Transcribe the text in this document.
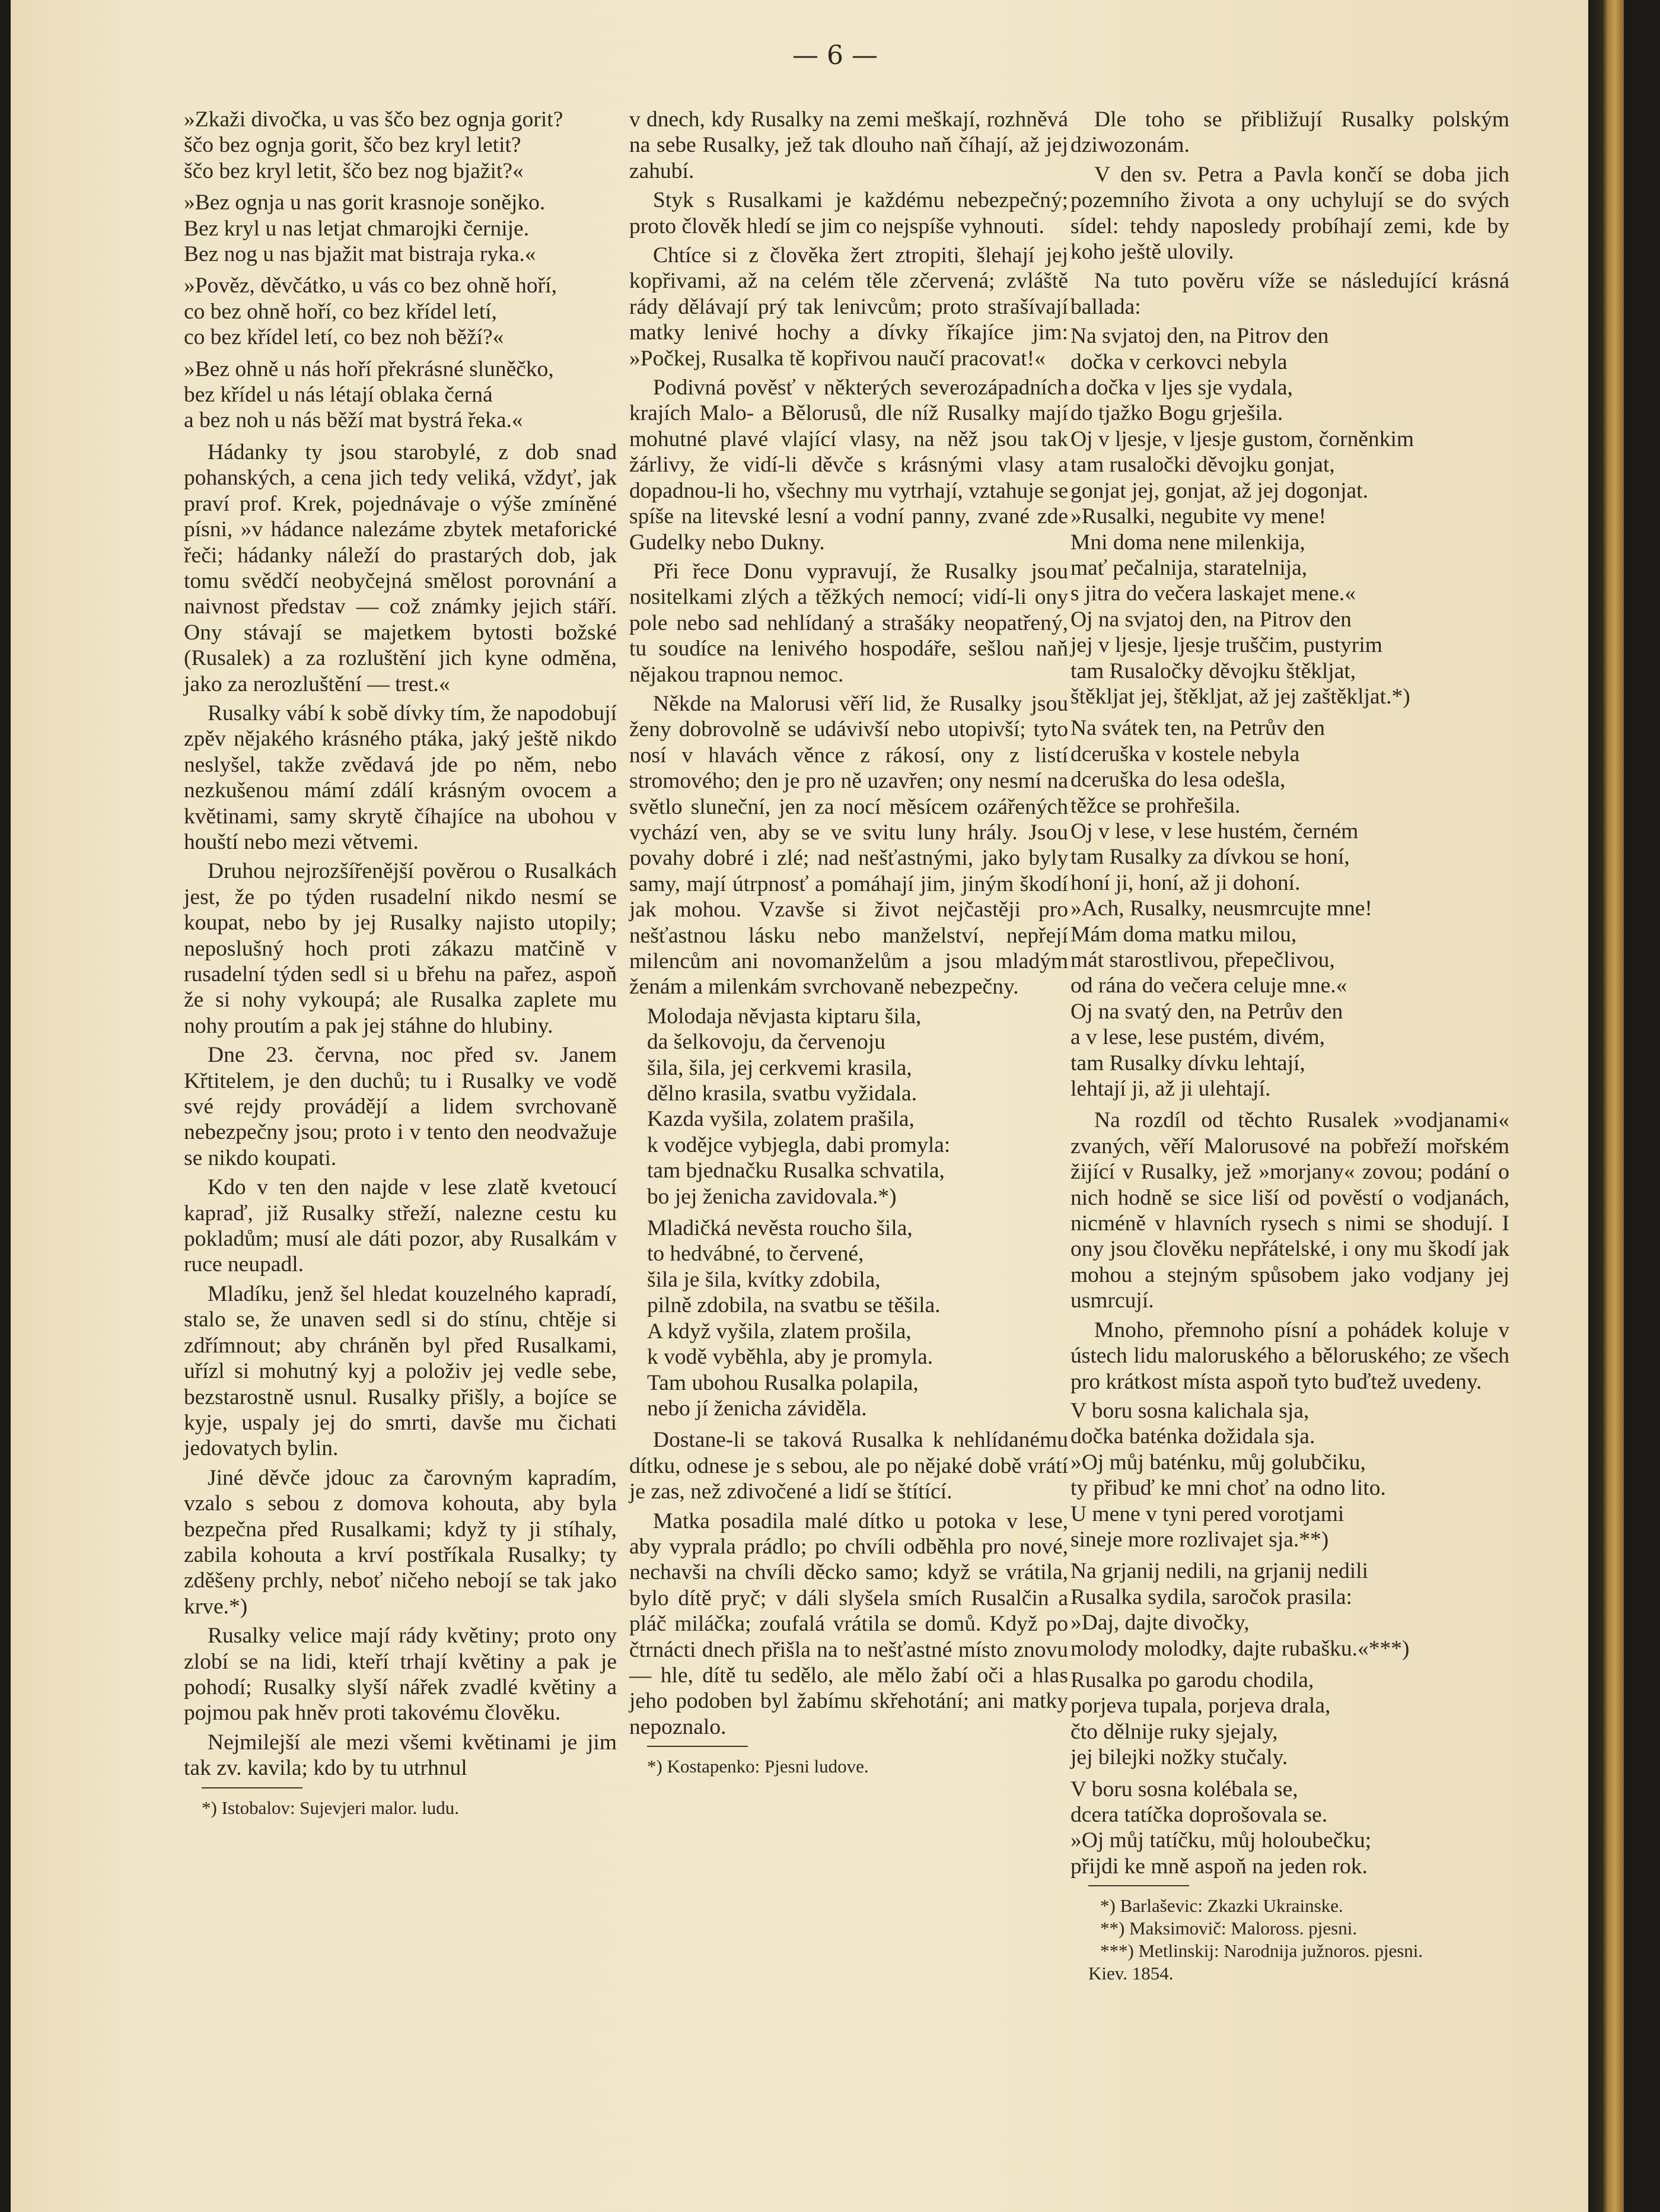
— 6 —
»Zkaži divočka, u vas ščo bez ognja gorit?
ščo bez ognja gorit, ščo bez kryl letit?
ščo bez kryl letit, ščo bez nog bjažit?«
»Bez ognja u nas gorit krasnoje sonějko.
Bez kryl u nas letjat chmarojki černije.
Bez nog u nas bjažit mat bistraja ryka.«
»Pověz, děvčátko, u vás co bez ohně hoří,
co bez ohně hoří, co bez křídel letí,
co bez křídel letí, co bez noh běží?«
»Bez ohně u nás hoří překrásné sluněčko,
bez křídel u nás létají oblaka černá
a bez noh u nás běží mat bystrá řeka.«

Hádanky ty jsou starobylé, z dob snad pohanských, a cena jich tedy veliká, vždyť, jak praví prof. Krek, pojednávaje o výše zmíněné písni, »v hádance nalezáme zbytek metaforické řeči; hádanky náleží do prastarých dob, jak tomu svědčí neobyčejná smělost porovnání a naivnost představ — což známky jejich stáří. Ony stávají se majetkem bytosti božské (Rusalek) a za rozluštění jich kyne odměna, jako za nerozluštění — trest.«

Rusalky vábí k sobě dívky tím, že napodobují zpěv nějakého krásného ptáka, jaký ještě nikdo neslyšel, takže zvědavá jde po něm, nebo nezkušenou mámí zdálí krásným ovocem a květinami, samy skrytě číhajíce na ubohou v houští nebo mezi větvemi.

Druhou nejrozšířenější pověrou o Rusalkách jest, že po týden rusadelní nikdo nesmí se koupat, nebo by jej Rusalky najisto utopily; neposlušný hoch proti zákazu matčině v rusadelní týden sedl si u břehu na pařez, aspoň že si nohy vykoupá; ale Rusalka zaplete mu nohy proutím a pak jej stáhne do hlubiny.

Dne 23. června, noc před sv. Janem Křtitelem, je den duchů; tu i Rusalky ve vodě své rejdy provádějí a lidem svrchovaně nebezpečny jsou; proto i v tento den neodvažuje se nikdo koupati.

Kdo v ten den najde v lese zlatě kvetoucí kapraď, již Rusalky střeží, nalezne cestu ku pokladům; musí ale dáti pozor, aby Rusalkám v ruce neupadl.

Mladíku, jenž šel hledat kouzelného kapradí, stalo se, že unaven sedl si do stínu, chtěje si zdřímnout; aby chráněn byl před Rusalkami, uřízl si mohutný kyj a položiv jej vedle sebe, bezstarostně usnul. Rusalky přišly, a bojíce se kyje, uspaly jej do smrti, davše mu čichati jedovatych bylin.

Jiné děvče jdouc za čarovným kapradím, vzalo s sebou z domova kohouta, aby byla bezpečna před Rusalkami; když ty ji stíhaly, zabila kohouta a krví postříkala Rusalky; ty zděšeny prchly, neboť ničeho nebojí se tak jako krve.*)

Rusalky velice mají rády květiny; proto ony zlobí se na lidi, kteří trhají květiny a pak je pohodí; Rusalky slyší nářek zvadlé květiny a pojmou pak hněv proti takovému člověku.

Nejmilejší ale mezi všemi květinami je jim tak zv. kavila; kdo by tu utrhnul

*) Istobalov: Sujevjeri malor. ludu.

v dnech, kdy Rusalky na zemi meškají, rozhněvá na sebe Rusalky, jež tak dlouho naň číhají, až jej zahubí.

Styk s Rusalkami je každému nebezpečný; proto člověk hledí se jim co nejspíše vyhnouti.

Chtíce si z člověka žert ztropiti, šlehají jej kopřivami, až na celém těle zčervená; zvláště rády dělávají prý tak lenivcům; proto strašívají matky lenivé hochy a dívky říkajíce jim: »Počkej, Rusalka tě kopřivou naučí pracovat!«

Podivná pověsť v některých severozápadních krajích Malo- a Bělorusů, dle níž Rusalky mají mohutné plavé vlající vlasy, na něž jsou tak žárlivy, že vidí-li děvče s krásnými vlasy a dopadnou-li ho, všechny mu vytrhají, vztahuje se spíše na litevské lesní a vodní panny, zvané zde Gudelky nebo Dukny.

Při řece Donu vypravují, že Rusalky jsou nositelkami zlých a těžkých nemocí; vidí-li ony pole nebo sad nehlídaný a strašáky neopatřený, tu soudíce na lenivého hospodáře, sešlou naň nějakou trapnou nemoc.

Někde na Malorusi věří lid, že Rusalky jsou ženy dobrovolně se udávivší nebo utopivší; tyto nosí v hlavách věnce z rákosí, ony z listí stromového; den je pro ně uzavřen; ony nesmí na světlo sluneční, jen za nocí měsícem ozářených vychází ven, aby se ve svitu luny hrály. Jsou povahy dobré i zlé; nad nešťastnými, jako byly samy, mají útrpnosť a pomáhají jim, jiným škodí jak mohou. Vzavše si život nejčastěji pro nešťastnou lásku nebo manželství, nepřejí milencům ani novomanželům a jsou mladým ženám a milenkám svrchovaně nebezpečny.

Molodaja něvjasta kiptaru šila,
da šelkovoju, da červenoju
šila, šila, jej cerkvemi krasila,
dělno krasila, svatbu vyžidala.
Kazda vyšila, zolatem prašila,
k vodějce vybjegla, dabi promyla:
tam bjednačku Rusalka schvatila,
bo jej ženicha zavidovala.*)
Mladičká nevěsta roucho šila,
to hedvábné, to červené,
šila je šila, kvítky zdobila,
pilně zdobila, na svatbu se těšila.
A když vyšila, zlatem prošila,
k vodě vyběhla, aby je promyla.
Tam ubohou Rusalka polapila,
nebo jí ženicha záviděla.

Dostane-li se taková Rusalka k nehlídanému dítku, odnese je s sebou, ale po nějaké době vrátí je zas, než zdivočené a lidí se štítící.

Matka posadila malé dítko u potoka v lese, aby vyprala prádlo; po chvíli odběhla pro nové, nechavši na chvíli děcko samo; když se vrátila, bylo dítě pryč; v dáli slyšela smích Rusalčin a pláč miláčka; zoufalá vrátila se domů. Když po čtrnácti dnech přišla na to nešťastné místo znovu — hle, dítě tu sedělo, ale mělo žabí oči a hlas jeho podoben byl žabímu skřehotání; ani matky nepoznalo.

*) Kostapenko: Pjesni ludove.

Dle toho se přibližují Rusalky polským dziwozonám.

V den sv. Petra a Pavla končí se doba jich pozemního života a ony uchylují se do svých sídel: tehdy naposledy probíhají zemi, kde by koho ještě ulovily.

Na tuto pověru víže se následující krásná ballada:

Na svjatoj den, na Pitrov den
dočka v cerkovci nebyla
a dočka v ljes sje vydala,
do tjažko Bogu grješila.
Oj v ljesje, v ljesje gustom, čorněnkim
tam rusaločki děvojku gonjat,
gonjat jej, gonjat, až jej dogonjat.
»Rusalki, negubite vy mene!
Mni doma nene milenkija,
mať pečalnija, staratelnija,
s jitra do večera laskajet mene.«
Oj na svjatoj den, na Pitrov den
jej v ljesje, ljesje truščim, pustyrim
tam Rusaločky děvojku štěkljat,
štěkljat jej, štěkljat, až jej zaštěkljat.*)
Na svátek ten, na Petrův den
dceruška v kostele nebyla
dceruška do lesa odešla,
těžce se prohřešila.
Oj v lese, v lese hustém, černém
tam Rusalky za dívkou se honí,
honí ji, honí, až ji dohoní.
»Ach, Rusalky, neusmrcujte mne!
Mám doma matku milou,
mát starostlivou, přepečlivou,
od rána do večera celuje mne.«
Oj na svatý den, na Petrův den
a v lese, lese pustém, divém,
tam Rusalky dívku lehtají,
lehtají ji, až ji ulehtají.

Na rozdíl od těchto Rusalek »vodjanami« zvaných, věří Malorusové na pobřeží mořském žijící v Rusalky, jež »morjany« zovou; podání o nich hodně se sice liší od pověstí o vodjanách, nicméně v hlavních rysech s nimi se shodují. I ony jsou člověku nepřátelské, i ony mu škodí jak mohou a stejným spůsobem jako vodjany jej usmrcují.

Mnoho, přemnoho písní a pohádek koluje v ústech lidu maloruského a běloruského; ze všech pro krátkost místa aspoň tyto buďtež uvedeny.

V boru sosna kalichala sja,
dočka baténka dožidala sja.
»Oj můj baténku, můj golubčiku,
ty přibuď ke mni choť na odno lito.
U mene v tyni pered vorotjami
sineje more rozlivajet sja.**)
Na grjanij nedili, na grjanij nedili
Rusalka sydila, saročok prasila:
»Daj, dajte divočky,
molody molodky, dajte rubašku.«***)
Rusalka po garodu chodila,
porjeva tupala, porjeva drala,
čto dělnije ruky sjejaly,
jej bilejki nožky stučaly.
V boru sosna kolébala se,
dcera tatíčka doprošovala se.
»Oj můj tatíčku, můj holoubečku;
přijdi ke mně aspoň na jeden rok.
*) Barlaševic: Zkazki Ukrainske.
**) Maksimovič: Maloross. pjesni.
***) Metlinskij: Narodnija južnoros. pjesni.
Kiev. 1854.
